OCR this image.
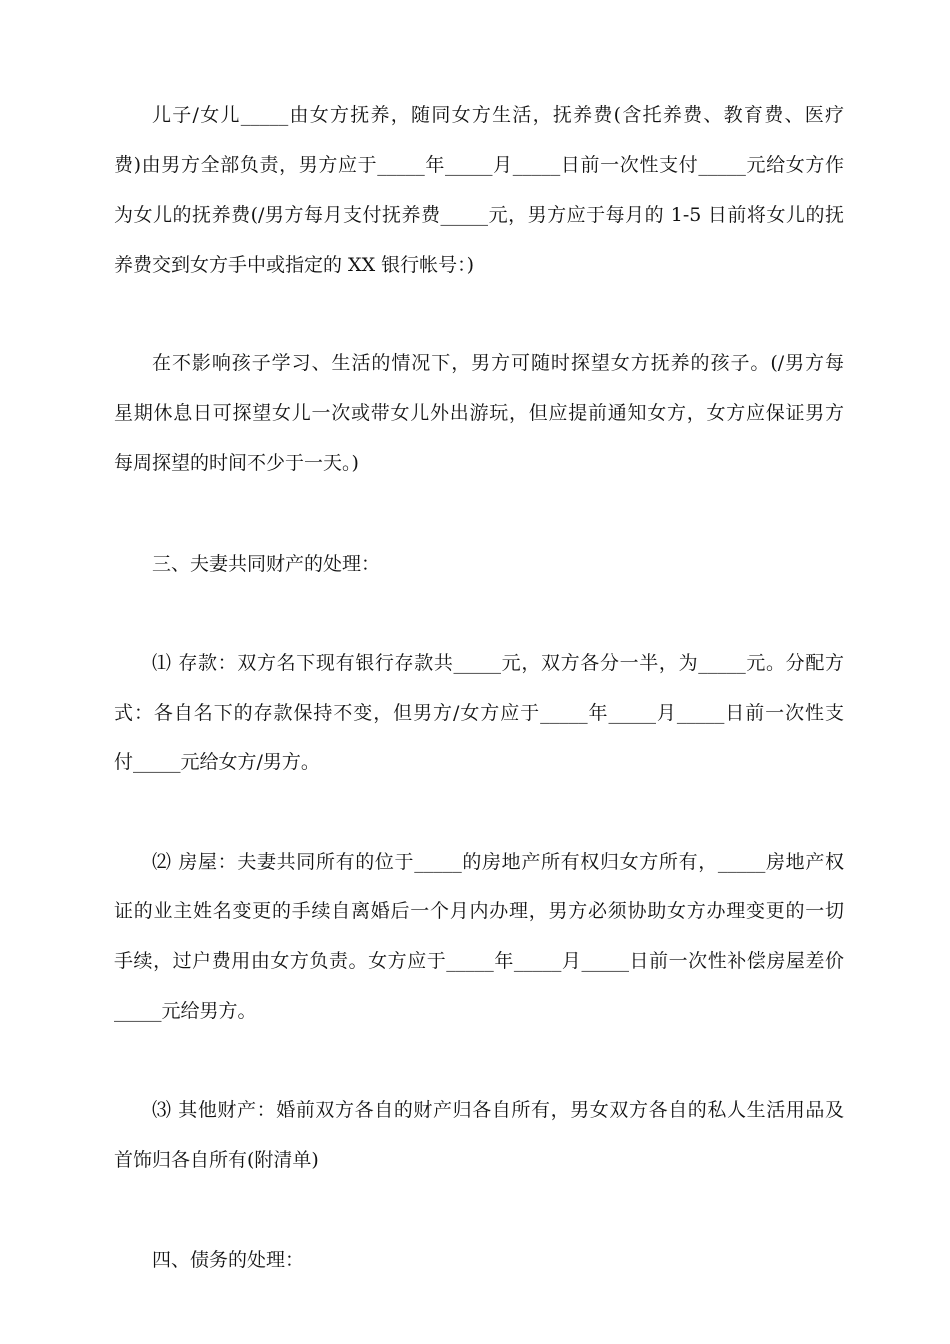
儿子/女儿_____由女方抚养，随同女方生活，抚养费(含托养费、教育费、医疗
费)由男方全部负责，男方应于_____年_____月_____日前一次性支付_____元给女方作
为女儿的抚养费(/男方每月支付抚养费_____元，男方应于每月的 1-5 日前将女儿的抚
养费交到女方手中或指定的 XX 银行帐号：)
在不影响孩子学习、生活的情况下，男方可随时探望女方抚养的孩子。(/男方每
星期休息日可探望女儿一次或带女儿外出游玩，但应提前通知女方，女方应保证男方
每周探望的时间不少于一天。)
三、夫妻共同财产的处理：
⑴ 存款：双方名下现有银行存款共_____元，双方各分一半，为_____元。分配方
式：各自名下的存款保持不变，但男方/女方应于_____年_____月_____日前一次性支
付_____元给女方/男方。
⑵ 房屋：夫妻共同所有的位于_____的房地产所有权归女方所有，_____房地产权
证的业主姓名变更的手续自离婚后一个月内办理，男方必须协助女方办理变更的一切
手续，过户费用由女方负责。女方应于_____年_____月_____日前一次性补偿房屋差价
_____元给男方。
⑶ 其他财产：婚前双方各自的财产归各自所有，男女双方各自的私人生活用品及
首饰归各自所有(附清单)
四、债务的处理：
